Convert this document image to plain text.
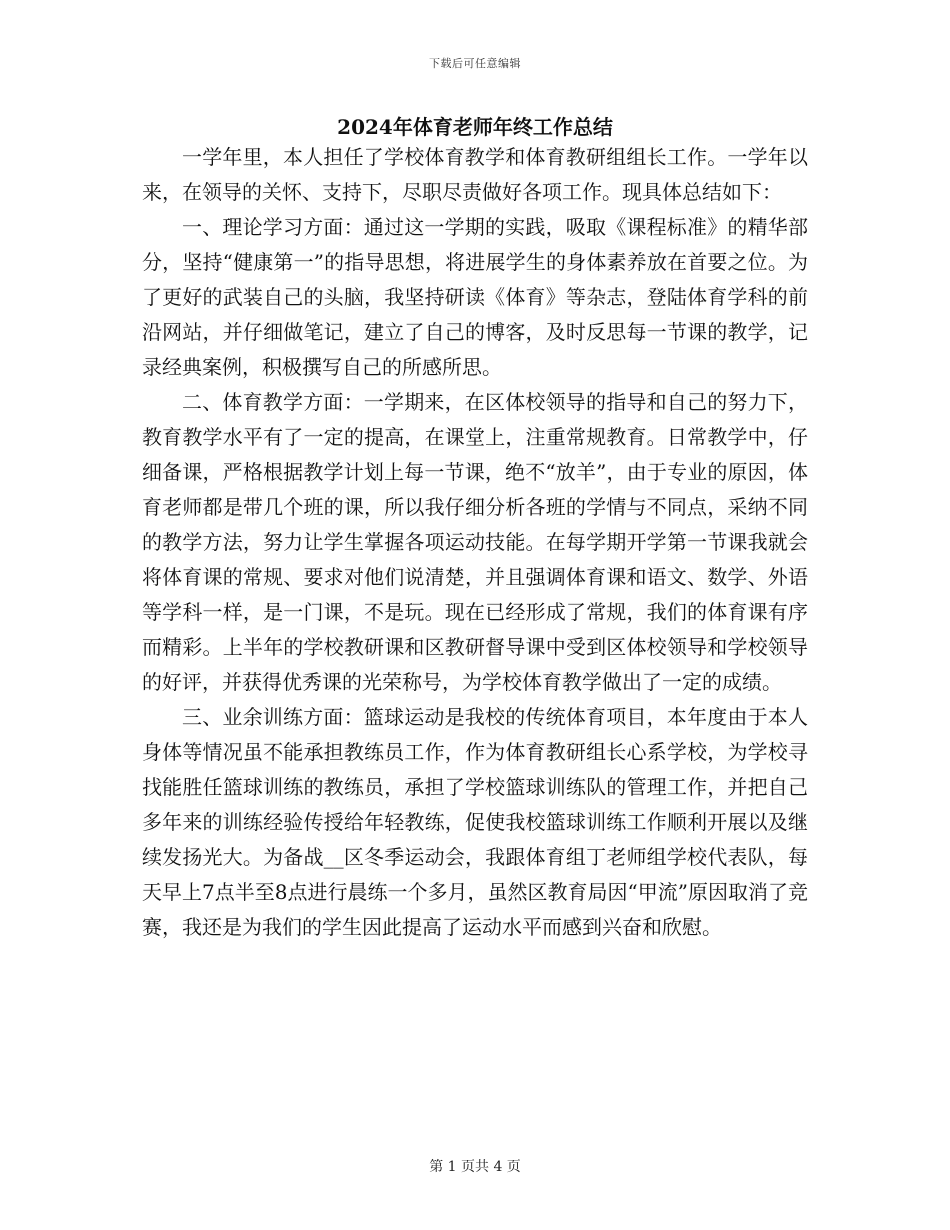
下载后可任意编辑
2024年体育老师年终工作总结

一学年里，本人担任了学校体育教学和体育教研组组长工作。一学年以来，在领导的关怀、支持下，尽职尽责做好各项工作。现具体总结如下：

一、理论学习方面：通过这一学期的实践，吸取《课程标准》的精华部分，坚持“健康第一”的指导思想，将进展学生的身体素养放在首要之位。为了更好的武装自己的头脑，我坚持研读《体育》等杂志，登陆体育学科的前沿网站，并仔细做笔记，建立了自己的博客，及时反思每一节课的教学，记录经典案例，积极撰写自己的所感所思。

二、体育教学方面：一学期来，在区体校领导的指导和自己的努力下，教育教学水平有了一定的提高，在课堂上，注重常规教育。日常教学中，仔细备课，严格根据教学计划上每一节课，绝不“放羊”，由于专业的原因，体育老师都是带几个班的课，所以我仔细分析各班的学情与不同点，采纳不同的教学方法，努力让学生掌握各项运动技能。在每学期开学第一节课我就会将体育课的常规、要求对他们说清楚，并且强调体育课和语文、数学、外语等学科一样，是一门课，不是玩。现在已经形成了常规，我们的体育课有序而精彩。上半年的学校教研课和区教研督导课中受到区体校领导和学校领导的好评，并获得优秀课的光荣称号，为学校体育教学做出了一定的成绩。

三、业余训练方面：篮球运动是我校的传统体育项目，本年度由于本人身体等情况虽不能承担教练员工作，作为体育教研组长心系学校，为学校寻找能胜任篮球训练的教练员，承担了学校篮球训练队的管理工作，并把自己多年来的训练经验传授给年轻教练，促使我校篮球训练工作顺利开展以及继续发扬光大。为备战__区冬季运动会，我跟体育组丁老师组学校代表队，每天早上7点半至8点进行晨练一个多月，虽然区教育局因“甲流”原因取消了竞赛，我还是为我们的学生因此提高了运动水平而感到兴奋和欣慰。

第 1 页共 4 页
